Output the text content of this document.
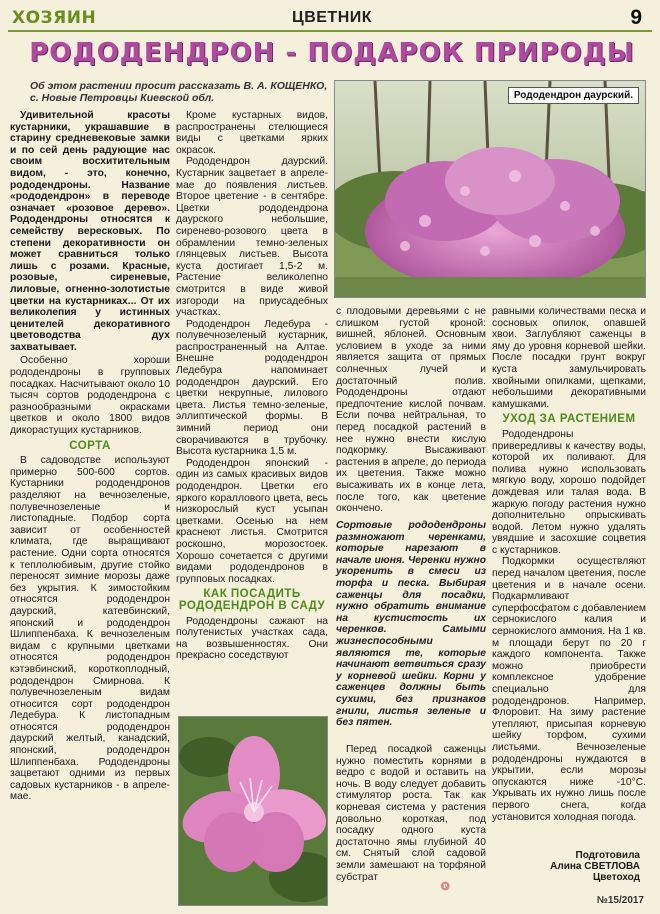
ХОЗЯИН	ЦВЕТНИК	9
РОДОДЕНДРОН - ПОДАРОК ПРИРОДЫ
Об этом растении просит рассказать В. А. КОЩЕНКО,
с. Новые Петровцы Киевской обл.	Рододендрон даурский.

Удивительной красоты кустарники, украшавшие в старину средневековые замки и по сей день радующие нас своим восхитительным видом, - это, конечно, рододендроны. Название «рододендрон» в переводе означает «розовое дерево». Рододендроны относятся к семейству вересковых. По степени декоративности он может сравниться только лишь с розами. Красные, розовые, сиреневые, лиловые, огненно-золотистые цветки на кустарниках... От их великолепия у истинных ценителей декоративного цветоводства дух захватывает.

Особенно хороши рододендроны в групповых посадках. Насчитывают около 10 тысяч сортов рододендрона с разнообразными окрасками цветков и около 1800 видов дикорастущих кустарников.

СОРТА

В садоводстве используют примерно 500-600 сортов. Кустарники рододендронов разделяют на вечнозеленые, полувечнозеленые и листопадные. Подбор сорта зависит от особенностей климата, где выращивают растение. Одни сорта относятся к теплолюбивым, другие стойко переносят зимние морозы даже без укрытия. К зимостойким относятся рододендрон даурский, катевбинский, японский и рододендрон Шлиппенбаха. К вечнозеленым видам с крупными цветками относятся рододендрон кэтэвбинский, короткоплодный, рододендрон Смирнова. К полувечнозеленым видам относится сорт рододендрон Ледебура. К листопадным относятся рододендрон даурский желтый, канадский, японский, рододендрон Шлиппенбаха. Рододендроны зацветают одними из первых садовых кустарников - в апреле-мае.

Кроме кустарных видов, распространены стелющиеся виды с цветками ярких окрасок.

Рододендрон даурский. Кустарник зацветает в апреле-мае до появления листьев. Второе цветение - в сентябре. Цветки рододендрона даурского небольшие, сиренево-розового цвета в обрамлении темно-зеленых глянцевых листьев. Высота куста достигает 1,5-2 м. Растение великолепно смотрится в виде живой изгороди на приусадебных участках.

Рододендрон Ледебура - полувечнозеленый кустарник, распространенный на Алтае. Внешне рододендрон Ледебура напоминает рододендрон даурский. Его цветки некрупные, лилового цвета. Листья темно-зеленые, эллиптической формы. В зимний период они сворачиваются в трубочку. Высота кустарника 1,5 м.

Рододендрон японский - один из самых красивых видов рододендрон. Цветки его яркого кораллового цвета, весь низкорослый куст усыпан цветками. Осенью на нем краснеют листья. Смотрится роскошно, морозостоек. Хорошо сочетается с другими видами рододендронов в групповых посадках.

КАК ПОСАДИТЬ РОДОДЕНДРОН В САДУ

Рододендроны сажают на полутенистых участках сада, на возвышенностях. Они прекрасно соседствуют

с плодовыми деревьями с не слишком густой кроной: вишней, яблоней. Основным условием в уходе за ними является защита от прямых солнечных лучей и достаточный полив. Рододендроны отдают предпочтение кислой почвам. Если почва нейтральная, то перед посадкой растений в нее нужно внести кислую подкормку. Высаживают растения в апреле, до периода их цветения. Также можно высаживать их в конце лета, после того, как цветение окончено.

Сортовые рододендроны размножают черенками, которые нарезают в начале июня. Черенки нужно укоренить в смеси из торфа и песка. Выбирая саженцы для посадки, нужно обратить внимание на кустистость их черенков. Самыми жизнеспособными являются те, которые начинают ветвиться сразу у корневой шейки. Корни у саженцев должны быть сухими, без признаков гнили, листья зеленые и без пятен.

Перед посадкой саженцы нужно поместить корнями в ведро с водой и оставить на ночь. В воду следует добавить стимулятор роста. Так как корневая система у растения довольно короткая, под посадку одного куста достаточно ямы глубиной 40 см. Снятый слой садовой земли замешают на торфяной субстрат

равными количествами песка и сосновых опилок, опавшей хвои. Заглубляют саженцы в яму до уровня корневой шейки. После посадки грунт вокруг куста замульчировать хвойными опилками, щепками, небольшими декоративными камушками.

УХОД ЗА РАСТЕНИЕМ

Рододендроны привередливы к качеству воды, которой их поливают. Для полива нужно использовать мягкую воду, хорошо подойдет дождевая или талая вода. В жаркую погоду растения нужно дополнительно опрыскивать водой. Летом нужно удалять увядшие и засохшие соцветия с кустарников.

Подкормки осуществляют перед началом цветения, после цветения и в начале осени. Подкармливают суперфосфатом с добавлением сернокислого калия и сернокислого аммония. На 1 кв. м площади берут по 20 г каждого компонента. Также можно приобрести комплексное удобрение специально для рододендронов. Например, Флоровит. На зиму растение утепляют, присыпая корневую шейку торфом, сухими листьями. Вечнозеленые рододендроны нуждаются в укрытии, если морозы опускаются ниже -10°С. Укрывать их нужно лишь после первого снега, когда установится холодная погода.

Подготовила
Алина СВЕТЛОВА
Цветоход
№15/2017
P
